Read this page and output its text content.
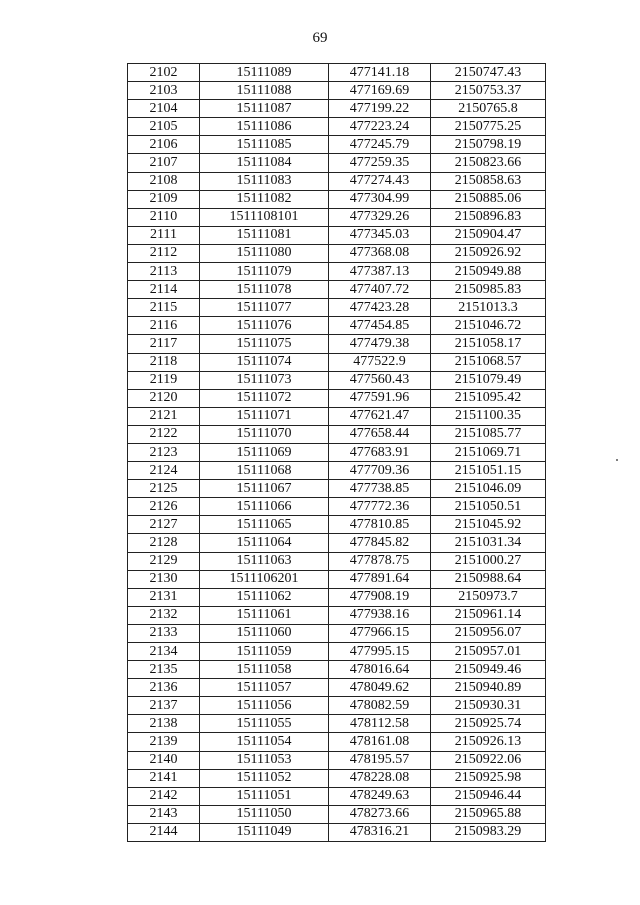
69
2102	15111089	477141.18	2150747.43
2103	15111088	477169.69	2150753.37
2104	15111087	477199.22	2150765.8
2105	15111086	477223.24	2150775.25
2106	15111085	477245.79	2150798.19
2107	15111084	477259.35	2150823.66
2108	15111083	477274.43	2150858.63
2109	15111082	477304.99	2150885.06
2110	1511108101	477329.26	2150896.83
2111	15111081	477345.03	2150904.47
2112	15111080	477368.08	2150926.92
2113	15111079	477387.13	2150949.88
2114	15111078	477407.72	2150985.83
2115	15111077	477423.28	2151013.3
2116	15111076	477454.85	2151046.72
2117	15111075	477479.38	2151058.17
2118	15111074	477522.9	2151068.57
2119	15111073	477560.43	2151079.49
2120	15111072	477591.96	2151095.42
2121	15111071	477621.47	2151100.35
2122	15111070	477658.44	2151085.77
2123	15111069	477683.91	2151069.71
2124	15111068	477709.36	2151051.15
2125	15111067	477738.85	2151046.09
2126	15111066	477772.36	2151050.51
2127	15111065	477810.85	2151045.92
2128	15111064	477845.82	2151031.34
2129	15111063	477878.75	2151000.27
2130	1511106201	477891.64	2150988.64
2131	15111062	477908.19	2150973.7
2132	15111061	477938.16	2150961.14
2133	15111060	477966.15	2150956.07
2134	15111059	477995.15	2150957.01
2135	15111058	478016.64	2150949.46
2136	15111057	478049.62	2150940.89
2137	15111056	478082.59	2150930.31
2138	15111055	478112.58	2150925.74
2139	15111054	478161.08	2150926.13
2140	15111053	478195.57	2150922.06
2141	15111052	478228.08	2150925.98
2142	15111051	478249.63	2150946.44
2143	15111050	478273.66	2150965.88
2144	15111049	478316.21	2150983.29
